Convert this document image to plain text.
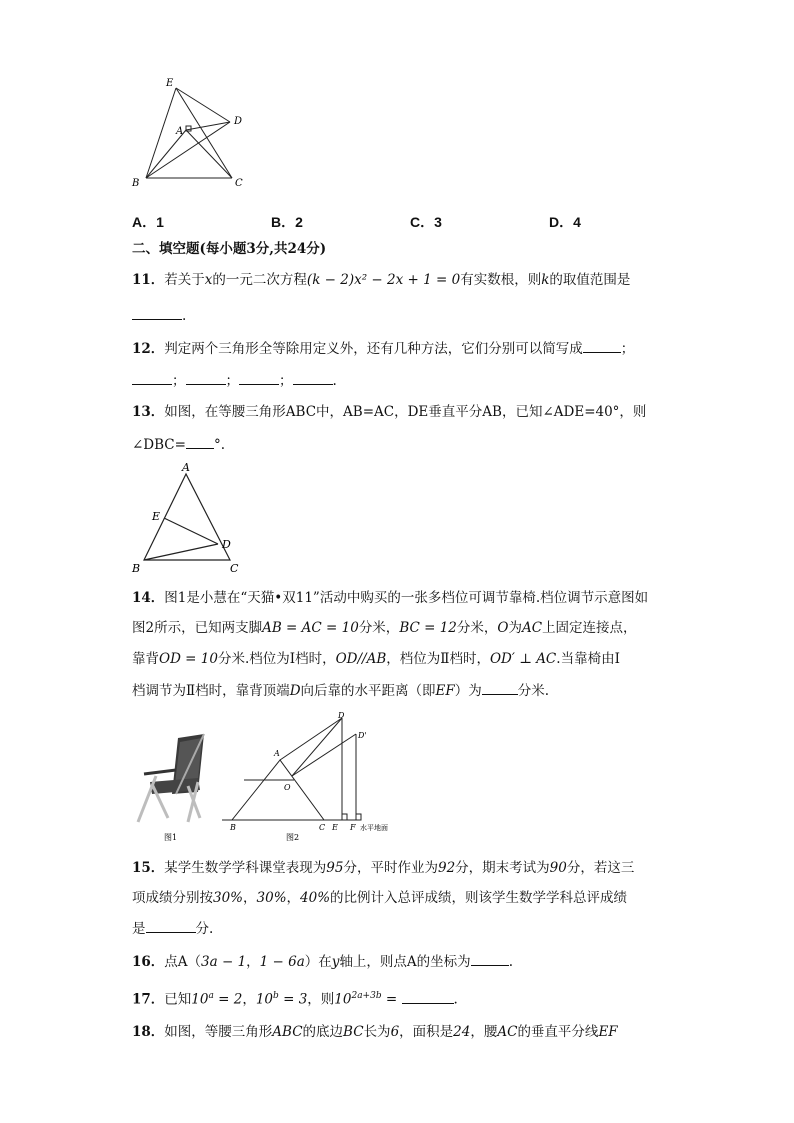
E
A
D
B	C
A．1	B．2	C．3	D．4
二、填空题(每小题3分,共24分)
11．若关于x的一元二次方程(k − 2)x² − 2x + 1 = 0有实数根，则k的取值范围是
.
12．判定两个三角形全等除用定义外，还有几种方法，它们分别可以简写成	；
；	；	；	.
13．如图，在等腰三角形ABC中，AB=AC，DE垂直平分AB，已知∠ADE=40°，则
∠DBC= °.
A
E
D
B	C
14．图1是小慧在“天猫•双11”活动中购买的一张多档位可调节靠椅.档位调节示意图如
图2所示，已知两支脚AB = AC = 10分米，BC = 12分米，O为AC上固定连接点，
靠背OD = 10分米.档位为Ⅰ档时，OD//AB，档位为Ⅱ档时，OD′ ⊥ AC.当靠椅由Ⅰ
档调节为Ⅱ档时，靠背顶端D向后靠的水平距离（即EF）为	分米.
图1
D
D'
A
O
B	C E F 水平地面
图2
15．某学生数学学科课堂表现为95分，平时作业为92分，期末考试为90分，若这三
项成绩分别按30%，30%，40%的比例计入总评成绩，则该学生数学学科总评成绩
是	分.
16．点A（3a − 1，1 − 6a）在y轴上，则点A的坐标为	.
17．已知$10^a = 2$，$10^b = 3$，则$10^{2a+3b}$ =	.
18．如图，等腰三角形ABC的底边BC长为6，面积是24，腰AC的垂直平分线EF
